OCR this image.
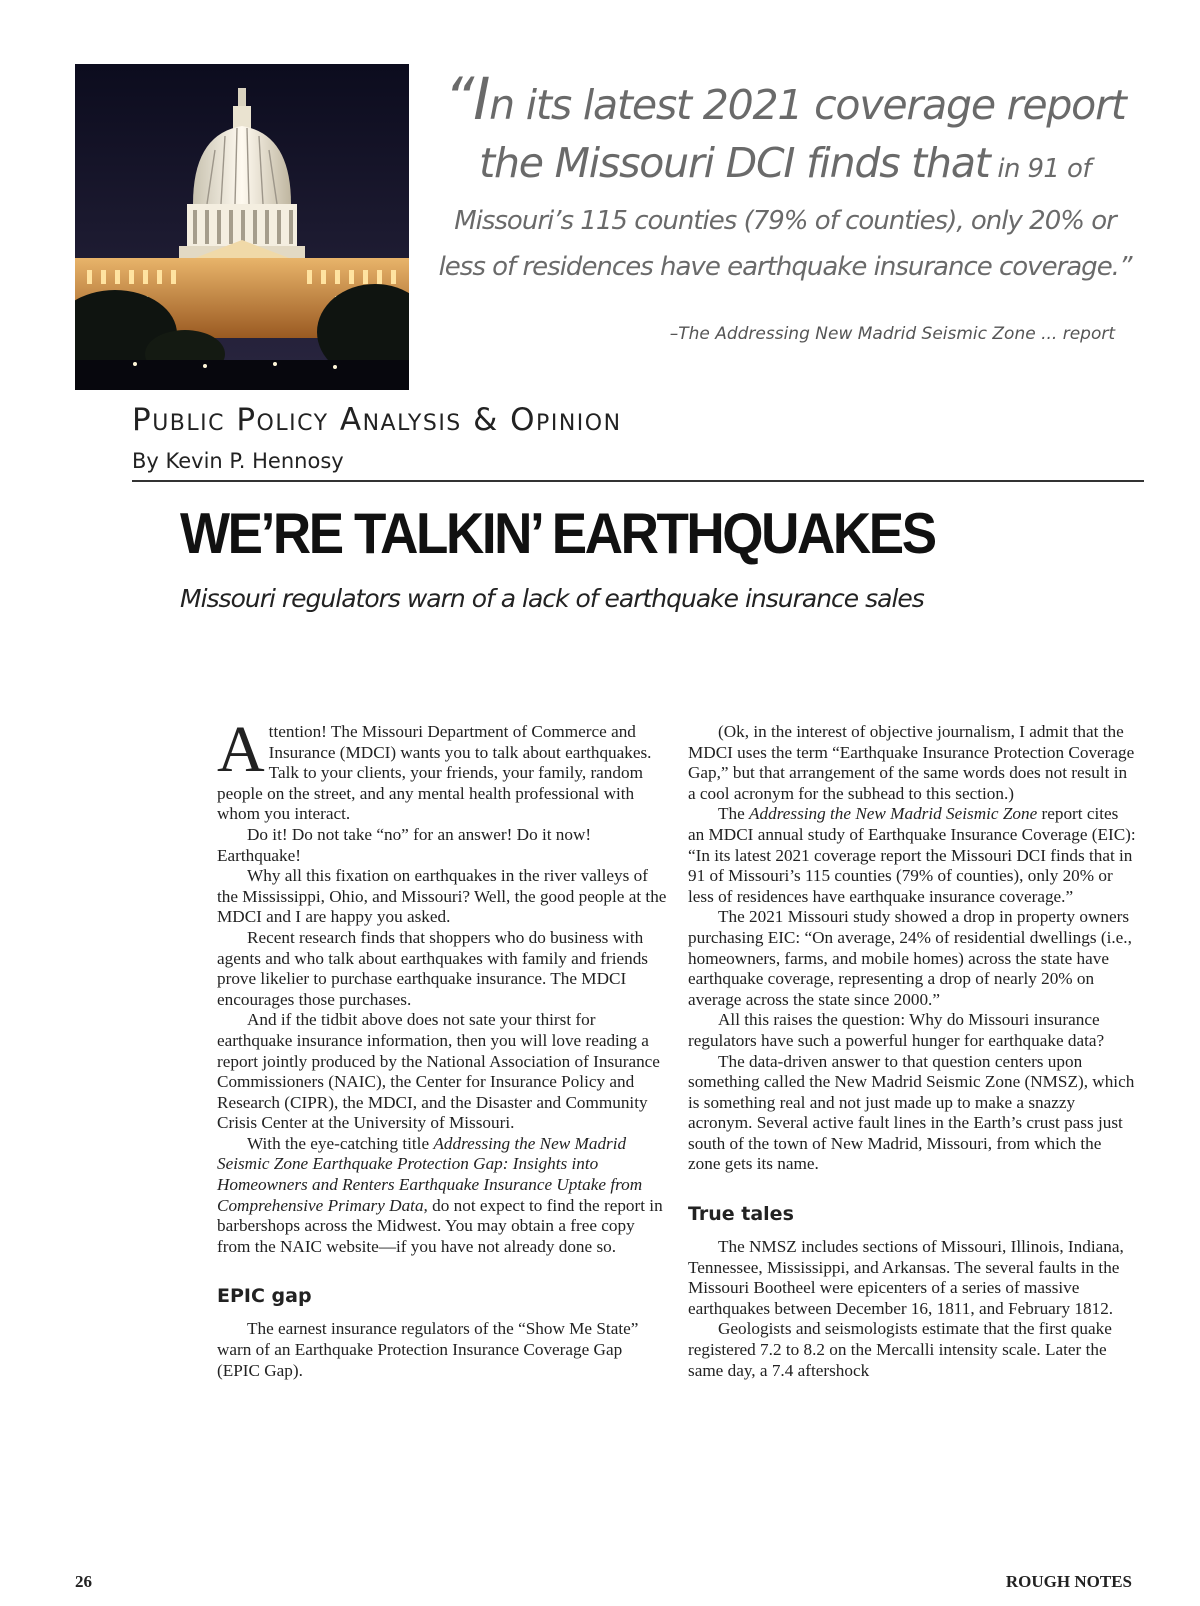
“In its latest 2021 coverage report

the Missouri DCI finds that in 91 of

Missouri’s 115 counties (79% of counties), only 20% or

less of residences have earthquake insurance coverage.”

–The Addressing New Madrid Seismic Zone ... report
Public Policy Analysis & Opinion
By Kevin P. Hennosy
WE’RE TALKIN’ EARTHQUAKES
Missouri regulators warn of a lack of earthquake insurance sales

Attention! The Missouri Department of Commerce and Insurance (MDCI) wants you to talk about earthquakes. Talk to your clients, your friends, your family, random people on the street, and any mental health professional with whom you interact.

Do it! Do not take “no” for an answer! Do it now! Earthquake!

Why all this fixation on earthquakes in the river valleys of the Mississippi, Ohio, and Missouri? Well, the good people at the MDCI and I are happy you asked.

Recent research finds that shoppers who do business with agents and who talk about earthquakes with family and friends prove likelier to purchase earthquake insurance. The MDCI encourages those purchases.

And if the tidbit above does not sate your thirst for earthquake insurance information, then you will love reading a report jointly produced by the National Association of Insurance Commissioners (NAIC), the Center for Insurance Policy and Research (CIPR), the MDCI, and the Disaster and Community Crisis Center at the University of Missouri.

With the eye-catching title Addressing the New Madrid Seismic Zone Earthquake Protection Gap: Insights into Homeowners and Renters Earthquake Insurance Uptake from Comprehensive Primary Data, do not expect to find the report in barbershops across the Midwest. You may obtain a free copy from the NAIC website—if you have not already done so.

EPIC gap

The earnest insurance regulators of the “Show Me State” warn of an Earthquake Protection Insurance Coverage Gap (EPIC Gap).

(Ok, in the interest of objective journalism, I admit that the MDCI uses the term “Earthquake Insurance Protection Coverage Gap,” but that arrangement of the same words does not result in a cool acronym for the subhead to this section.)

The Addressing the New Madrid Seismic Zone report cites an MDCI annual study of Earthquake Insurance Coverage (EIC): “In its latest 2021 coverage report the Missouri DCI finds that in 91 of Missouri’s 115 counties (79% of counties), only 20% or less of residences have earthquake insurance coverage.”

The 2021 Missouri study showed a drop in property owners purchasing EIC: “On average, 24% of residential dwellings (i.e., homeowners, farms, and mobile homes) across the state have earthquake coverage, representing a drop of nearly 20% on average across the state since 2000.”

All this raises the question: Why do Missouri insurance regulators have such a powerful hunger for earthquake data?

The data-driven answer to that question centers upon something called the New Madrid Seismic Zone (NMSZ), which is something real and not just made up to make a snazzy acronym. Several active fault lines in the Earth’s crust pass just south of the town of New Madrid, Missouri, from which the zone gets its name.

True tales

The NMSZ includes sections of Missouri, Illinois, Indiana, Tennessee, Mississippi, and Arkansas. The several faults in the Missouri Bootheel were epicenters of a series of massive earthquakes between December 16, 1811, and February 1812.

Geologists and seismologists estimate that the first quake registered 7.2 to 8.2 on the Mercalli intensity scale. Later the same day, a 7.4 aftershock

26	ROUGH NOTES
